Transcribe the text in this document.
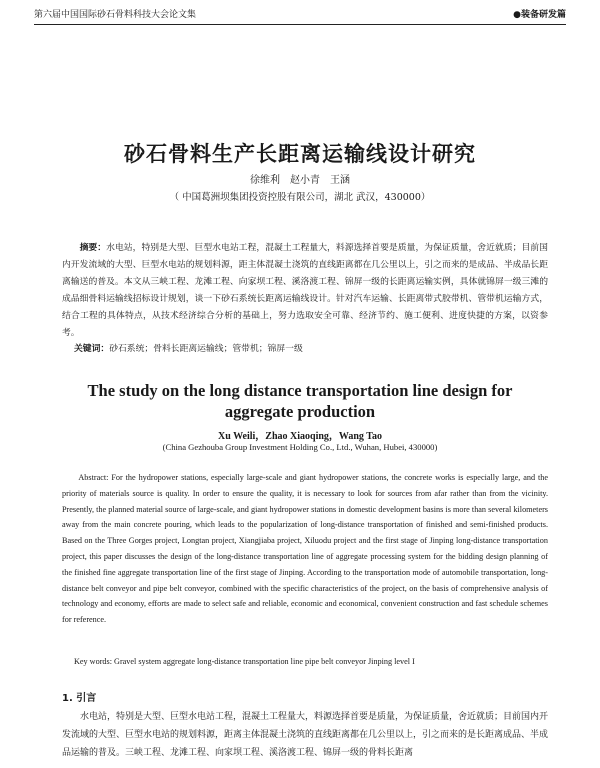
第六届中国国际砂石骨料科技大会论文集	●装备研发篇
砂石骨料生产长距离运输线设计研究
徐维利　赵小青　王涵
（ 中国葛洲坝集团投资控股有限公司，湖北 武汉，430000）
摘要：水电站，特别是大型、巨型水电站工程，混凝土工程量大，料源选择首要是质量，为保证质量，舍近就质；目前国内开发流域的大型、巨型水电站的规划料源，距主体混凝土浇筑的直线距离都在几公里以上，引之而来的是成品、半成品长距离输送的普及。本文从三峡工程、龙滩工程、向家坝工程、溪洛渡工程、锦屏一级的长距离运输实例，具体就锦屏一级三滩的成品细骨料运输线招标设计规划，谈一下砂石系统长距离运输线设计。针对汽车运输、长距离带式胶带机、管带机运输方式，结合工程的具体特点，从技术经济综合分析的基础上，努力选取安全可靠、经济节约、施工便利、进度快捷的方案，以资参考。
关键词：砂石系统；骨料长距离运输线；管带机；锦屏一级
The study on the long distance transportation line design for aggregate production
Xu Weili，Zhao Xiaoqing，Wang Tao
(China Gezhouba Group Investment Holding Co., Ltd., Wuhan, Hubei, 430000)
Abstract: For the hydropower stations, especially large-scale and giant hydropower stations, the concrete works is especially large, and the priority of materials source is quality. In order to ensure the quality, it is necessary to look for sources from afar rather than from the vicinity. Presently, the planned material source of large-scale, and giant hydropower stations in domestic development basins is more than several kilometers away from the main concrete pouring, which leads to the popularization of long-distance transportation of finished and semi-finished products. Based on the Three Gorges project, Longtan project, Xiangjiaba project, Xiluodu project and the first stage of Jinping long-distance transportation project, this paper discusses the design of the long-distance transportation line of aggregate processing system for the bidding design planning of the finished fine aggregate transportation line of the first stage of Jinping. According to the transportation mode of automobile transportation, long-distance belt conveyor and pipe belt conveyor, combined with the specific characteristics of the project, on the basis of comprehensive analysis of technology and economy, efforts are made to select safe and reliable, economic and economical, convenient construction and fast schedule schemes for reference.
Key words: Gravel system aggregate long-distance transportation line pipe belt conveyor Jinping level I
1. 引言
水电站，特别是大型、巨型水电站工程，混凝土工程量大，料源选择首要是质量，为保证质量，舍近就质；目前国内开发流域的大型、巨型水电站的规划料源，距离主体混凝土浇筑的直线距离都在几公里以上，引之而来的是长距离成品、半成品运输的普及。三峡工程、龙滩工程、向家坝工程、溪洛渡工程、锦屏一级的骨料长距离
